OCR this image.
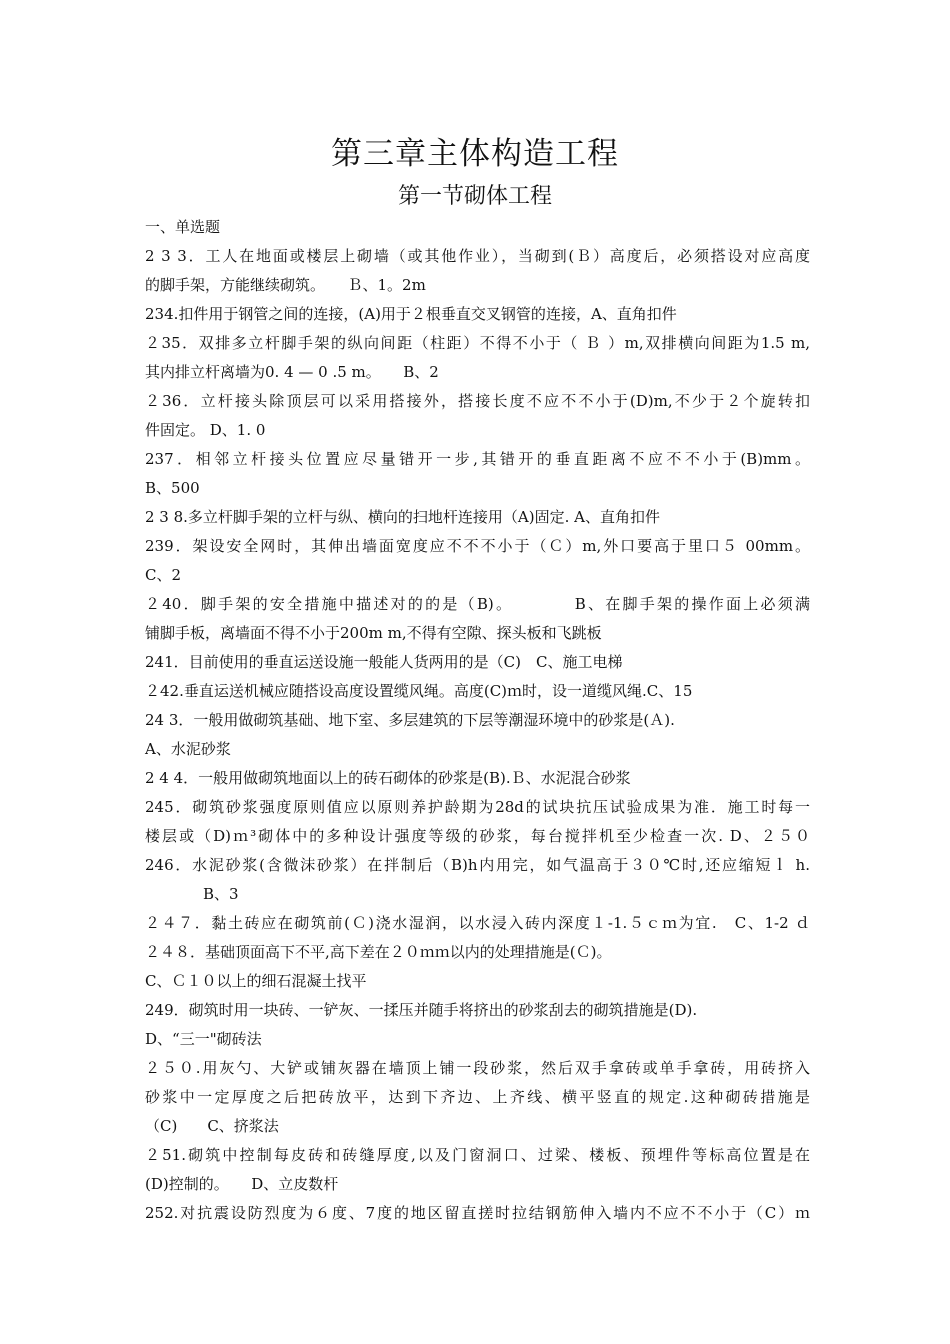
第三章主体构造工程
第一节砌体工程
一、单选题
2 3 3．工人在地面或楼层上砌墙（或其他作业），当砌到(Ｂ）高度后，必须搭设对应高度
的脚手架，方能继续砌筑。　　Ｂ、1。2m
234.扣件用于钢管之间的连接，(A)用于２根垂直交叉钢管的连接，A、直角扣件
２35．双排多立杆脚手架的纵向间距（柱距）不得不小于（ Ｂ ）m,双排横向间距为1.5 m,
其内排立杆离墙为0. 4 — 0 .5 m。　　B、2
２36．立杆接头除顶层可以采用搭接外，搭接长度不应不不小于(D)m,不少于２个旋转扣
件固定。 D、1. 0
237．相邻立杆接头位置应尽量错开一步,其错开的垂直距离不应不不小于(B)mm。
B、500
2 3 8.多立杆脚手架的立杆与纵、横向的扫地杆连接用（A)固定. A、直角扣件
239．架设安全网时，其伸出墙面宽度应不不不小于（Ｃ）m,外口要高于里口５ 00mm。
C、2
２40．脚手架的安全措施中描述对的的是（B)。　　　　B、在脚手架的操作面上必须满
铺脚手板，离墙面不得不小于200m m,不得有空隙、探头板和飞跳板
241．目前使用的垂直运送设施一般能人货两用的是（C)　C、施工电梯
２42.垂直运送机械应随搭设高度设置缆风绳。高度(C)ｍ时，设一道缆风绳.C、15
24 3．一般用做砌筑基础、地下室、多层建筑的下层等潮湿环境中的砂浆是(Ａ).
A、水泥砂浆
2 4 4．一般用做砌筑地面以上的砖石砌体的砂浆是(B).Ｂ、水泥混合砂浆
245．砌筑砂浆强度原则值应以原则养护龄期为28d的试块抗压试验成果为准．施工时每一
楼层或（D)ｍ³砌体中的多种设计强度等级的砂浆，每台搅拌机至少检查一次. D、２５０
246．水泥砂浆(含微沫砂浆）在拌制后（B)h内用完，如气温高于３０℃时,还应缩短ｌ h.
B、3
２４７．黏土砖应在砌筑前(Ｃ)浇水湿润，以水浸入砖内深度１-1.５ｃｍ为宜.　C、1-2 ｄ
２４８．基础顶面高下不平,高下差在２０ｍｍ以内的处理措施是(Ｃ)。
C、Ｃ１０以上的细石混凝土找平
249．砌筑时用一块砖、一铲灰、一揉压并随手将挤出的砂浆刮去的砌筑措施是(D).
D、“三一"砌砖法
２５０.用灰勺、大铲或铺灰器在墙顶上铺一段砂浆，然后双手拿砖或单手拿砖，用砖挤入
砂浆中一定厚度之后把砖放平，达到下齐边、上齐线、横平竖直的规定.这种砌砖措施是
（C)　　C、挤浆法
２51.砌筑中控制每皮砖和砖缝厚度,以及门窗洞口、过梁、楼板、预埋件等标高位置是在
(D)控制的。　　D、立皮数杆
252.对抗震设防烈度为６度、7度的地区留直搓时拉结钢筋伸入墙内不应不不小于（C）ｍ
